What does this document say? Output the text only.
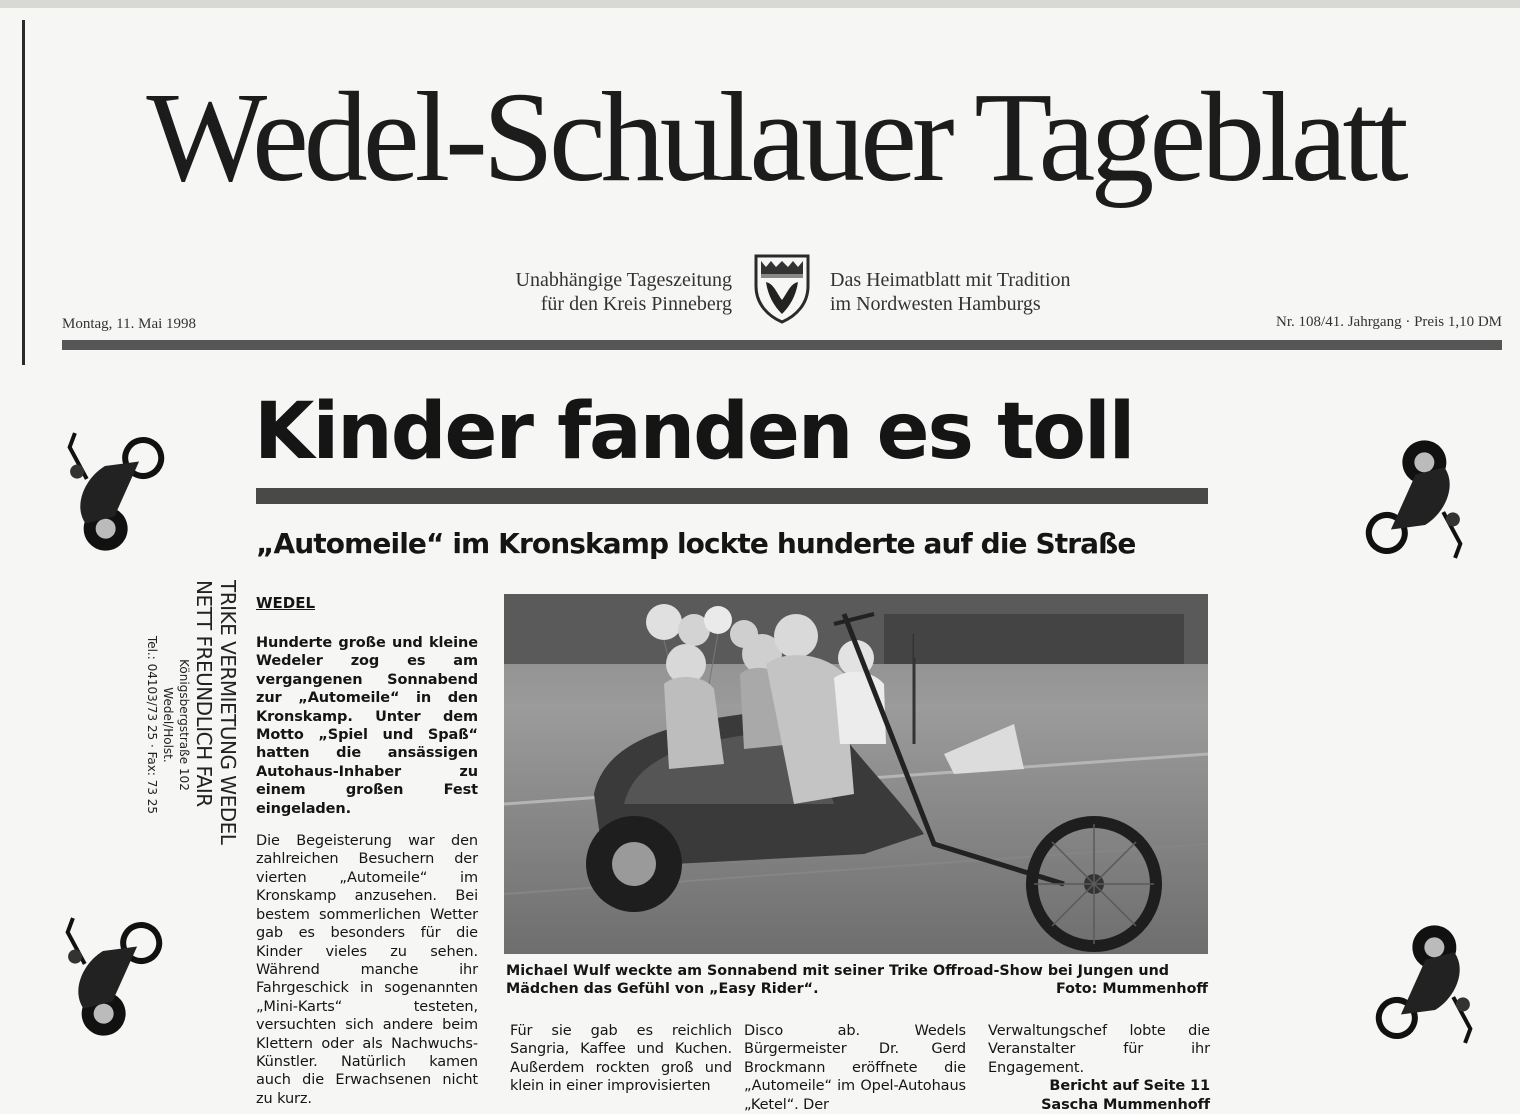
Wedel-Schulauer Tageblatt
Unabhängige Tageszeitung
für den Kreis Pinneberg
Das Heimatblatt mit Tradition
im Nordwesten Hamburgs
Montag, 11. Mai 1998	Nr. 108/41. Jahrgang · Preis 1,10 DM
Kinder fanden es toll
„Automeile“ im Kronskamp lockte hunderte auf die Straße
WEDEL

Hunderte große und kleine Wedeler zog es am vergangenen Sonnabend zur „Automeile“ in den Kronskamp. Unter dem Motto „Spiel und Spaß“ hatten die ansässigen Autohaus-Inhaber zu einem großen Fest eingeladen.

Die Begeisterung war den zahlreichen Besuchern der vierten „Automeile“ im Kronskamp anzusehen. Bei bestem sommerlichen Wetter gab es besonders für die Kinder vieles zu sehen. Während manche ihr Fahrgeschick in sogenannten „Mini-Karts“ testeten, versuchten sich andere beim Klettern oder als Nachwuchs-Künstler. Natürlich kamen auch die Erwachsenen nicht zu kurz.

Michael Wulf weckte am Sonnabend mit seiner Trike Offroad-Show bei Jungen und Mädchen das Gefühl von „Easy Rider“.	Foto: Mummenhoff

Für sie gab es reichlich Sangria, Kaffee und Kuchen. Außerdem rockten groß und klein in einer improvisierten

Disco ab. Wedels Bürgermeister Dr. Gerd Brockmann eröffnete die „Automeile“ im Opel-Autohaus „Ketel“. Der

Verwaltungschef lobte die Veranstalter für ihr Engagement.

Bericht auf Seite 11

Sascha Mummenhoff

TRIKE VERMIETUNG WEDEL
NETT FREUNDLICH FAIR
Königsbergstraße 102
Wedel/Holst.
Tel.: 04103/73 25 · Fax: 73 25
